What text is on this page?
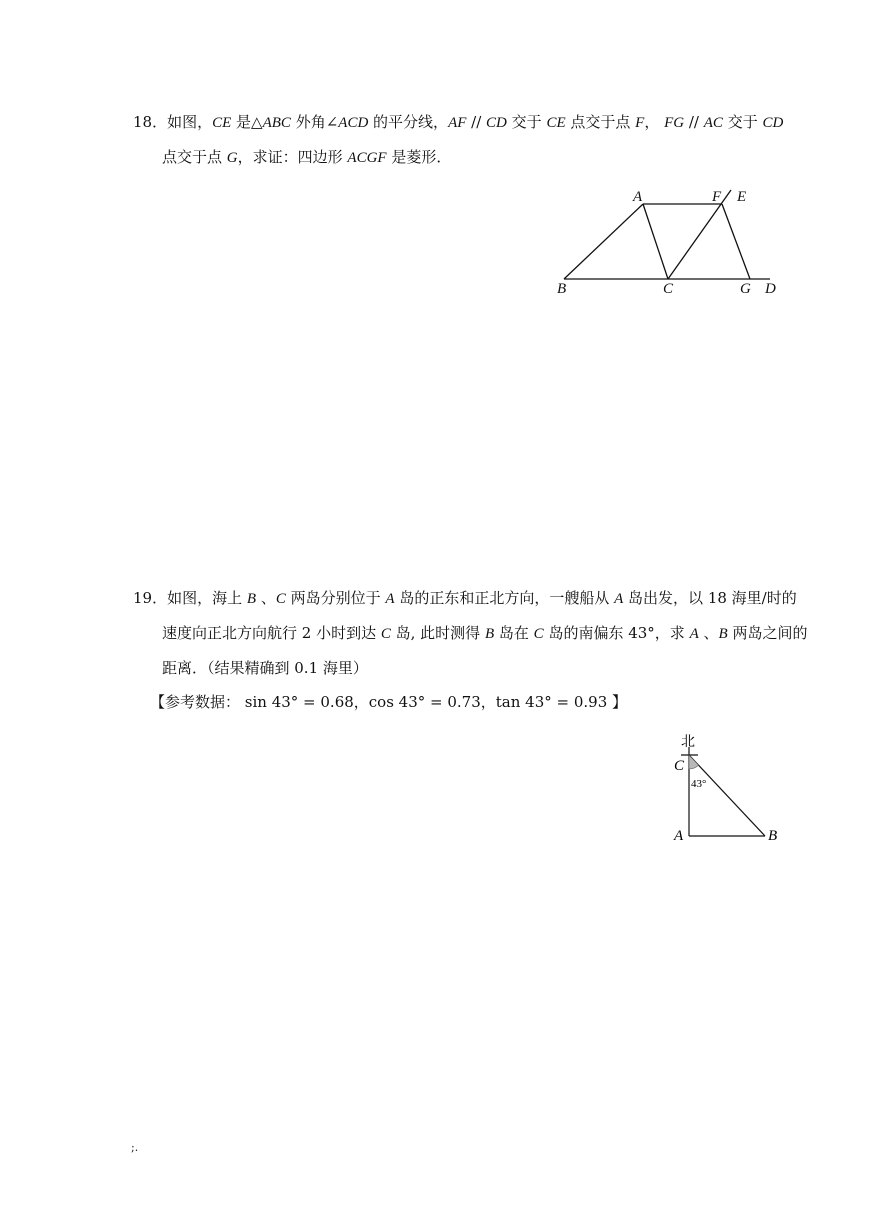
18．如图，CE 是△ABC 外角∠ACD 的平分线，AF // CD 交于 CE 点交于点 F， FG // AC 交于 CD
点交于点 G，求证：四边形 ACGF 是菱形．
A	F E
B	C	G D
19．如图，海上 B 、C 两岛分别位于 A 岛的正东和正北方向，一艘船从 A 岛出发，以 18 海里/时的
速度向正北方向航行 2 小时到达 C 岛, 此时测得 B 岛在 C 岛的南偏东 43°，求 A 、B 两岛之间的
距离．（结果精确到 0.1 海里）
【参考数据： sin 43° = 0.68，cos 43° = 0.73，tan 43° = 0.93 】
北
C
43°
A	B
;.
